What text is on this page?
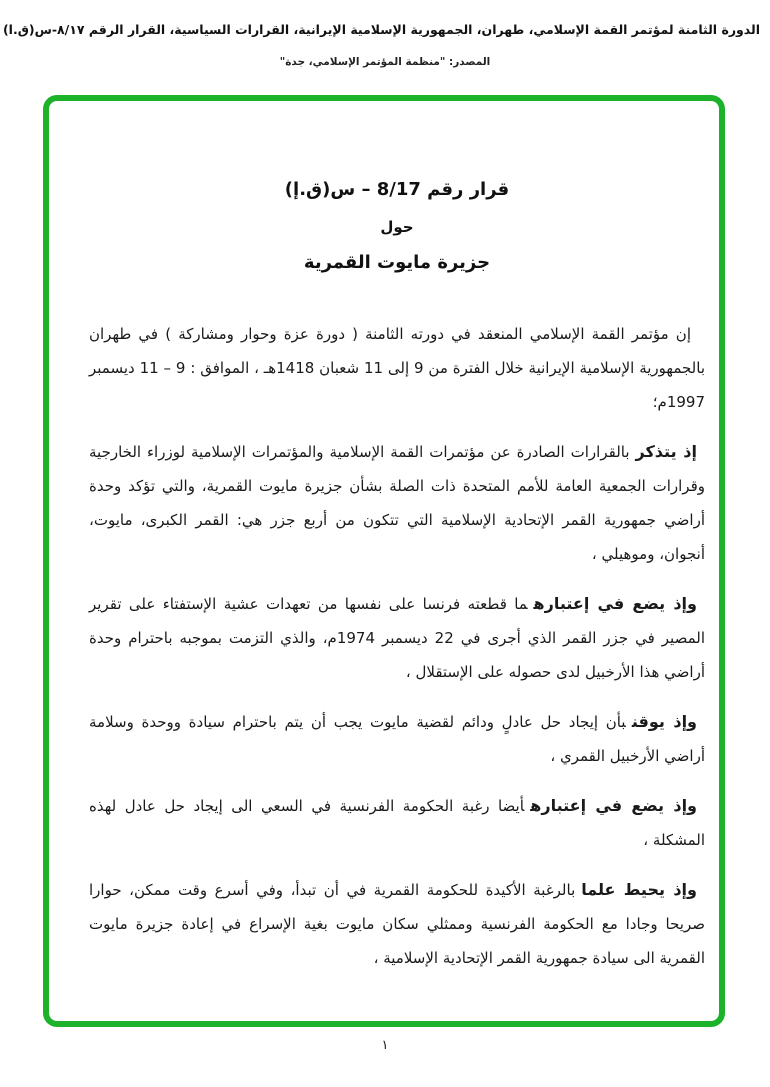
الدورة الثامنة لمؤتمر القمة الإسلامي، طهران، الجمهورية الإسلامية الإيرانية، القرارات السياسية، القرار الرقم ٨/١٧-س(ق.ا)
المصدر: "منظمة المؤتمر الإسلامي، جدة"
قرار رقم 8/17 – س(ق.إ)
حول
جزيرة مايوت القمرية

إن مؤتمر القمة الإسلامي المنعقد في دورته الثامنة ( دورة عزة وحوار ومشاركة ) في طهران بالجمهورية الإسلامية الإيرانية خلال الفترة من 9 إلى 11 شعبان 1418هـ ، الموافق : 9 – 11 ديسمبر 1997م؛

إذ يتذكربالقرارات الصادرة عن مؤتمرات القمة الإسلامية والمؤتمرات الإسلامية لوزراء الخارجية وقرارات الجمعية العامة للأمم المتحدة ذات الصلة بشأن جزيرة مايوت القمرية، والتي تؤكد وحدة أراضي جمهورية القمر الإتحادية الإسلامية التي تتكون من أربع جزر هي: القمر الكبرى، مايوت، أنجوان، وموهيلي ،

وإذ يضع في إعتبارهما قطعته فرنسا على نفسها من تعهدات عشية الإستفتاء على تقرير المصير في جزر القمر الذي أجرى في 22 ديسمبر 1974م، والذي التزمت بموجبه باحترام وحدة أراضي هذا الأرخبيل لدى حصوله على الإستقلال ،

وإذ يوقنبأن إيجاد حل عادلٍ ودائم لقضية مايوت يجب أن يتم باحترام سيادة ووحدة وسلامة أراضي الأرخبيل القمري ،

وإذ يضع في إعتبارهأيضا رغبة الحكومة الفرنسية في السعي الى إيجاد حل عادل لهذه المشكلة ،

وإذ يحيط علمابالرغبة الأكيدة للحكومة القمرية في أن تبدأ، وفي أسرع وقت ممكن، حوارا صريحا وجادا مع الحكومة الفرنسية وممثلي سكان مايوت بغية الإسراع في إعادة جزيرة مايوت القمرية الى سيادة جمهورية القمر الإتحادية الإسلامية ،

١
